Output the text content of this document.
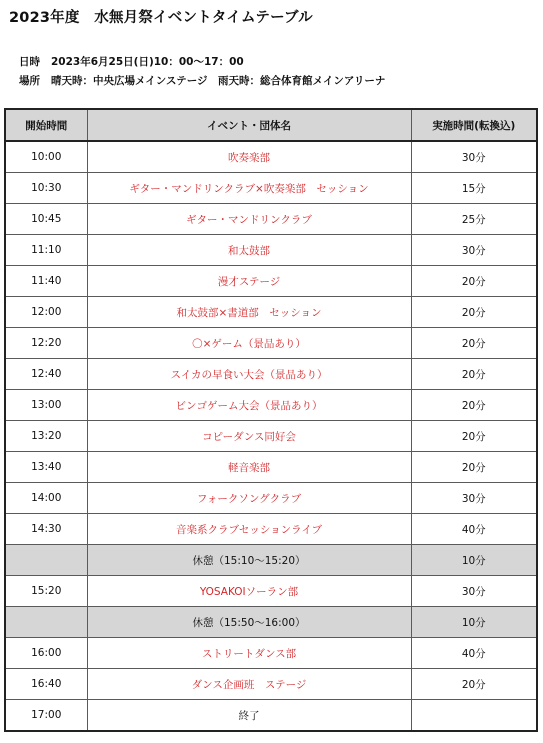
2023年度　水無月祭イベントタイムテーブル
日時 2023年6月25日(日)10：00～17：00
場所 晴天時：中央広場メインステージ　雨天時：総合体育館メインアリーナ
開始時間	イベント・団体名	実施時間(転換込)
10:00	吹奏楽部	30分
10:30	ギター・マンドリンクラブ×吹奏楽部　セッション	15分
10:45	ギター・マンドリンクラブ	25分
11:10	和太鼓部	30分
11:40	漫才ステージ	20分
12:00	和太鼓部×書道部　セッション	20分
12:20	〇×ゲーム（景品あり）	20分
12:40	スイカの早食い大会（景品あり）	20分
13:00	ビンゴゲーム大会（景品あり）	20分
13:20	コピーダンス同好会	20分
13:40	軽音楽部	20分
14:00	フォークソングクラブ	30分
14:30	音楽系クラブセッションライブ	40分
	休憩（15:10～15:20）	10分
15:20	YOSAKOIソーラン部	30分
	休憩（15:50～16:00）	10分
16:00	ストリートダンス部	40分
16:40	ダンス企画班　ステージ	20分
17:00	終了	
